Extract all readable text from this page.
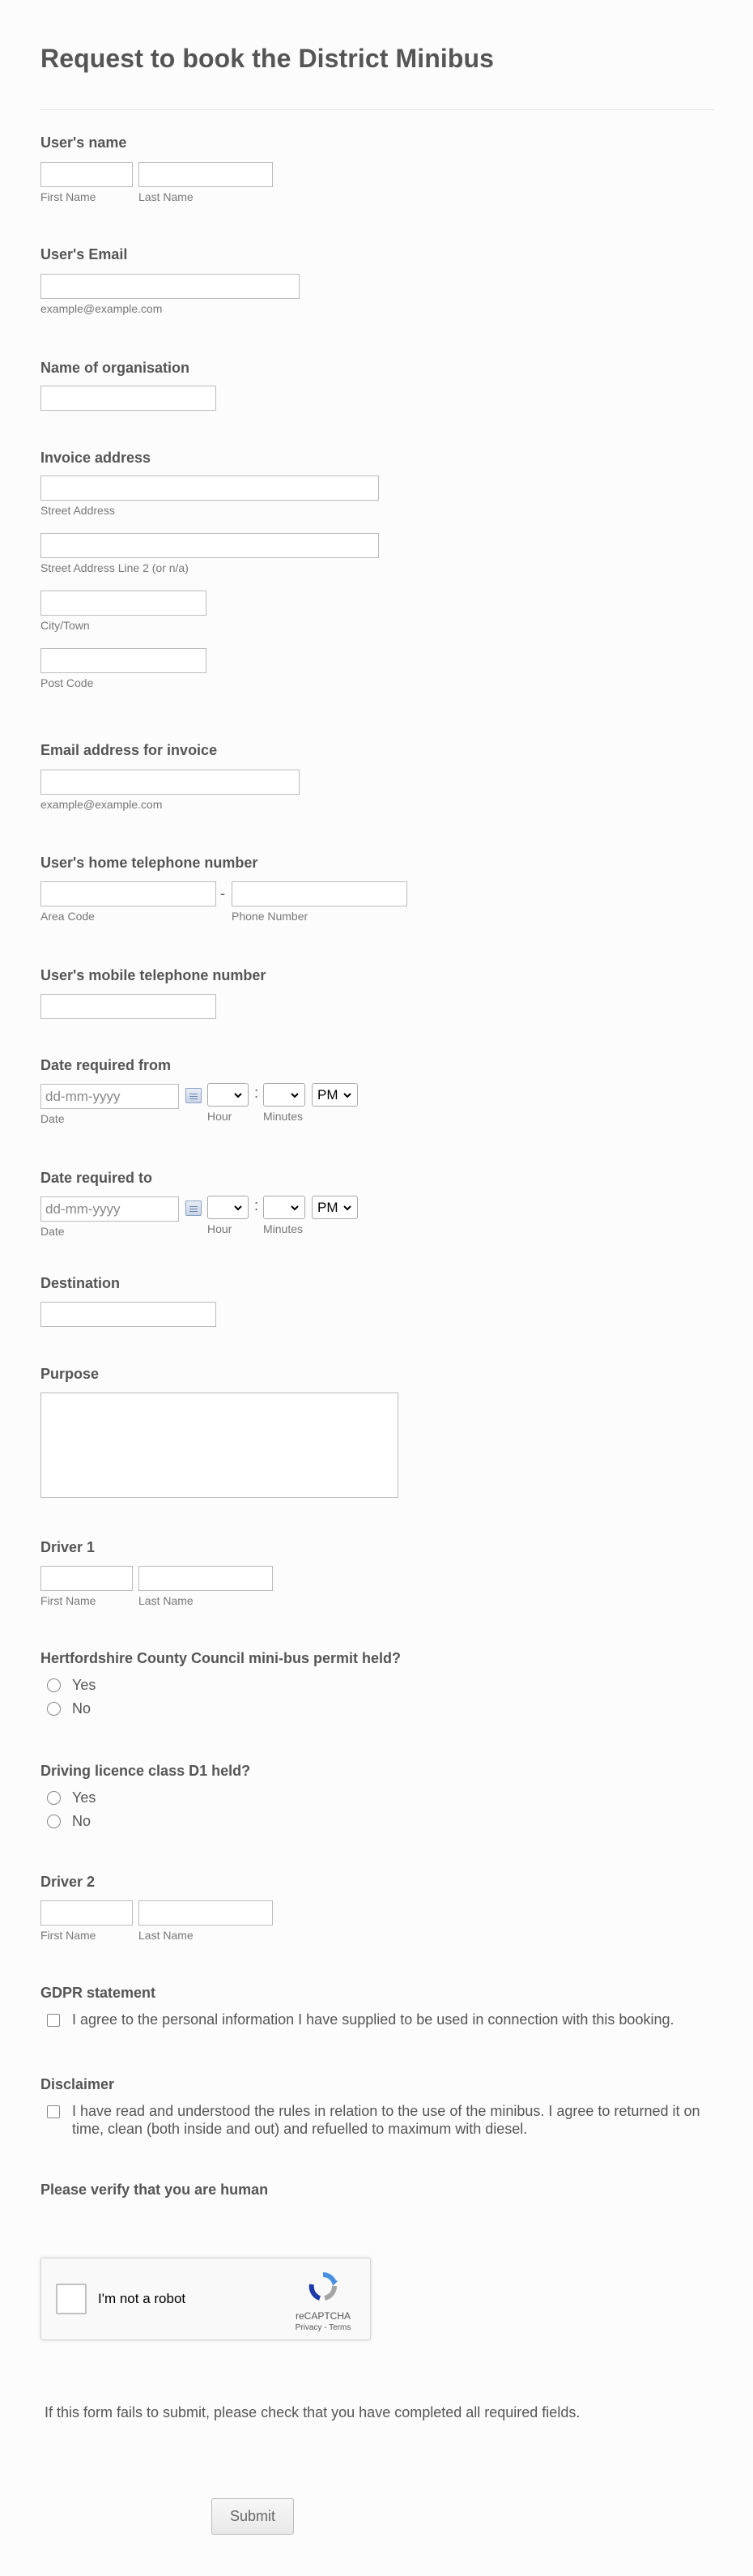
Request to book the District Minibus
User's name
First Name	Last Name
User's Email
example@example.com
Name of organisation
Invoice address
Street Address
Street Address Line 2 (or n/a)
City/Town
Post Code
Email address for invoice
example@example.com
User's home telephone number
-
Area Code	Phone Number
User's mobile telephone number
Date required from
dd-mm-yyyy
:	PM
Date	Hour	Minutes
Date required to
dd-mm-yyyy
:	PM
Date	Hour	Minutes
Destination
Purpose
Driver 1
First Name	Last Name
Hertfordshire County Council mini-bus permit held?
Yes
No
Driving licence class D1 held?
Yes
No
Driver 2
First Name	Last Name
GDPR statement
I agree to the personal information I have supplied to be used in connection with this booking.
Disclaimer
I have read and understood the rules in relation to the use of the minibus. I agree to returned it on time, clean (both inside and out) and refuelled to maximum with diesel.
Please verify that you are human
I'm not a robot
reCAPTCHA
Privacy - Terms
If this form fails to submit, please check that you have completed all required fields.
Submit
